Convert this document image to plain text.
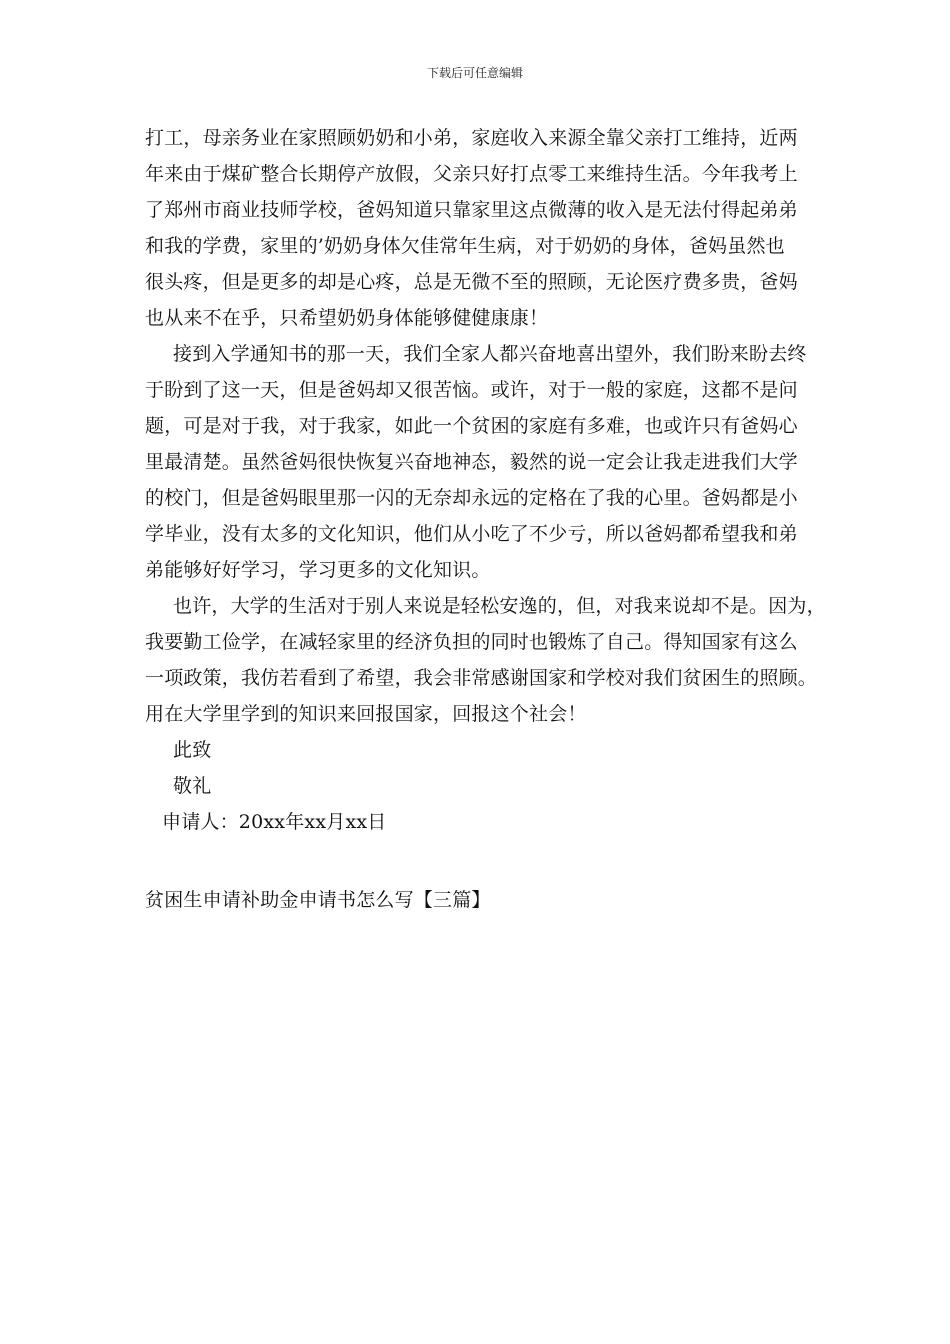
下载后可任意编辑
打工，母亲务业在家照顾奶奶和小弟，家庭收入来源全靠父亲打工维持，近两
年来由于煤矿整合长期停产放假，父亲只好打点零工来维持生活。今年我考上
了郑州市商业技师学校，爸妈知道只靠家里这点微薄的收入是无法付得起弟弟
和我的学费，家里的’奶奶身体欠佳常年生病，对于奶奶的身体，爸妈虽然也
很头疼，但是更多的却是心疼，总是无微不至的照顾，无论医疗费多贵，爸妈
也从来不在乎，只希望奶奶身体能够健健康康！
接到入学通知书的那一天，我们全家人都兴奋地喜出望外，我们盼来盼去终
于盼到了这一天，但是爸妈却又很苦恼。或许，对于一般的家庭，这都不是问
题，可是对于我，对于我家，如此一个贫困的家庭有多难，也或许只有爸妈心
里最清楚。虽然爸妈很快恢复兴奋地神态，毅然的说一定会让我走进我们大学
的校门，但是爸妈眼里那一闪的无奈却永远的定格在了我的心里。爸妈都是小
学毕业，没有太多的文化知识，他们从小吃了不少亏，所以爸妈都希望我和弟
弟能够好好学习，学习更多的文化知识。
也许，大学的生活对于别人来说是轻松安逸的，但，对我来说却不是。因为，
我要勤工俭学，在减轻家里的经济负担的同时也锻炼了自己。得知国家有这么
一项政策，我仿若看到了希望，我会非常感谢国家和学校对我们贫困生的照顾。
用在大学里学到的知识来回报国家，回报这个社会！
此致
敬礼
申请人：20xx年xx月xx日
贫困生申请补助金申请书怎么写【三篇】
